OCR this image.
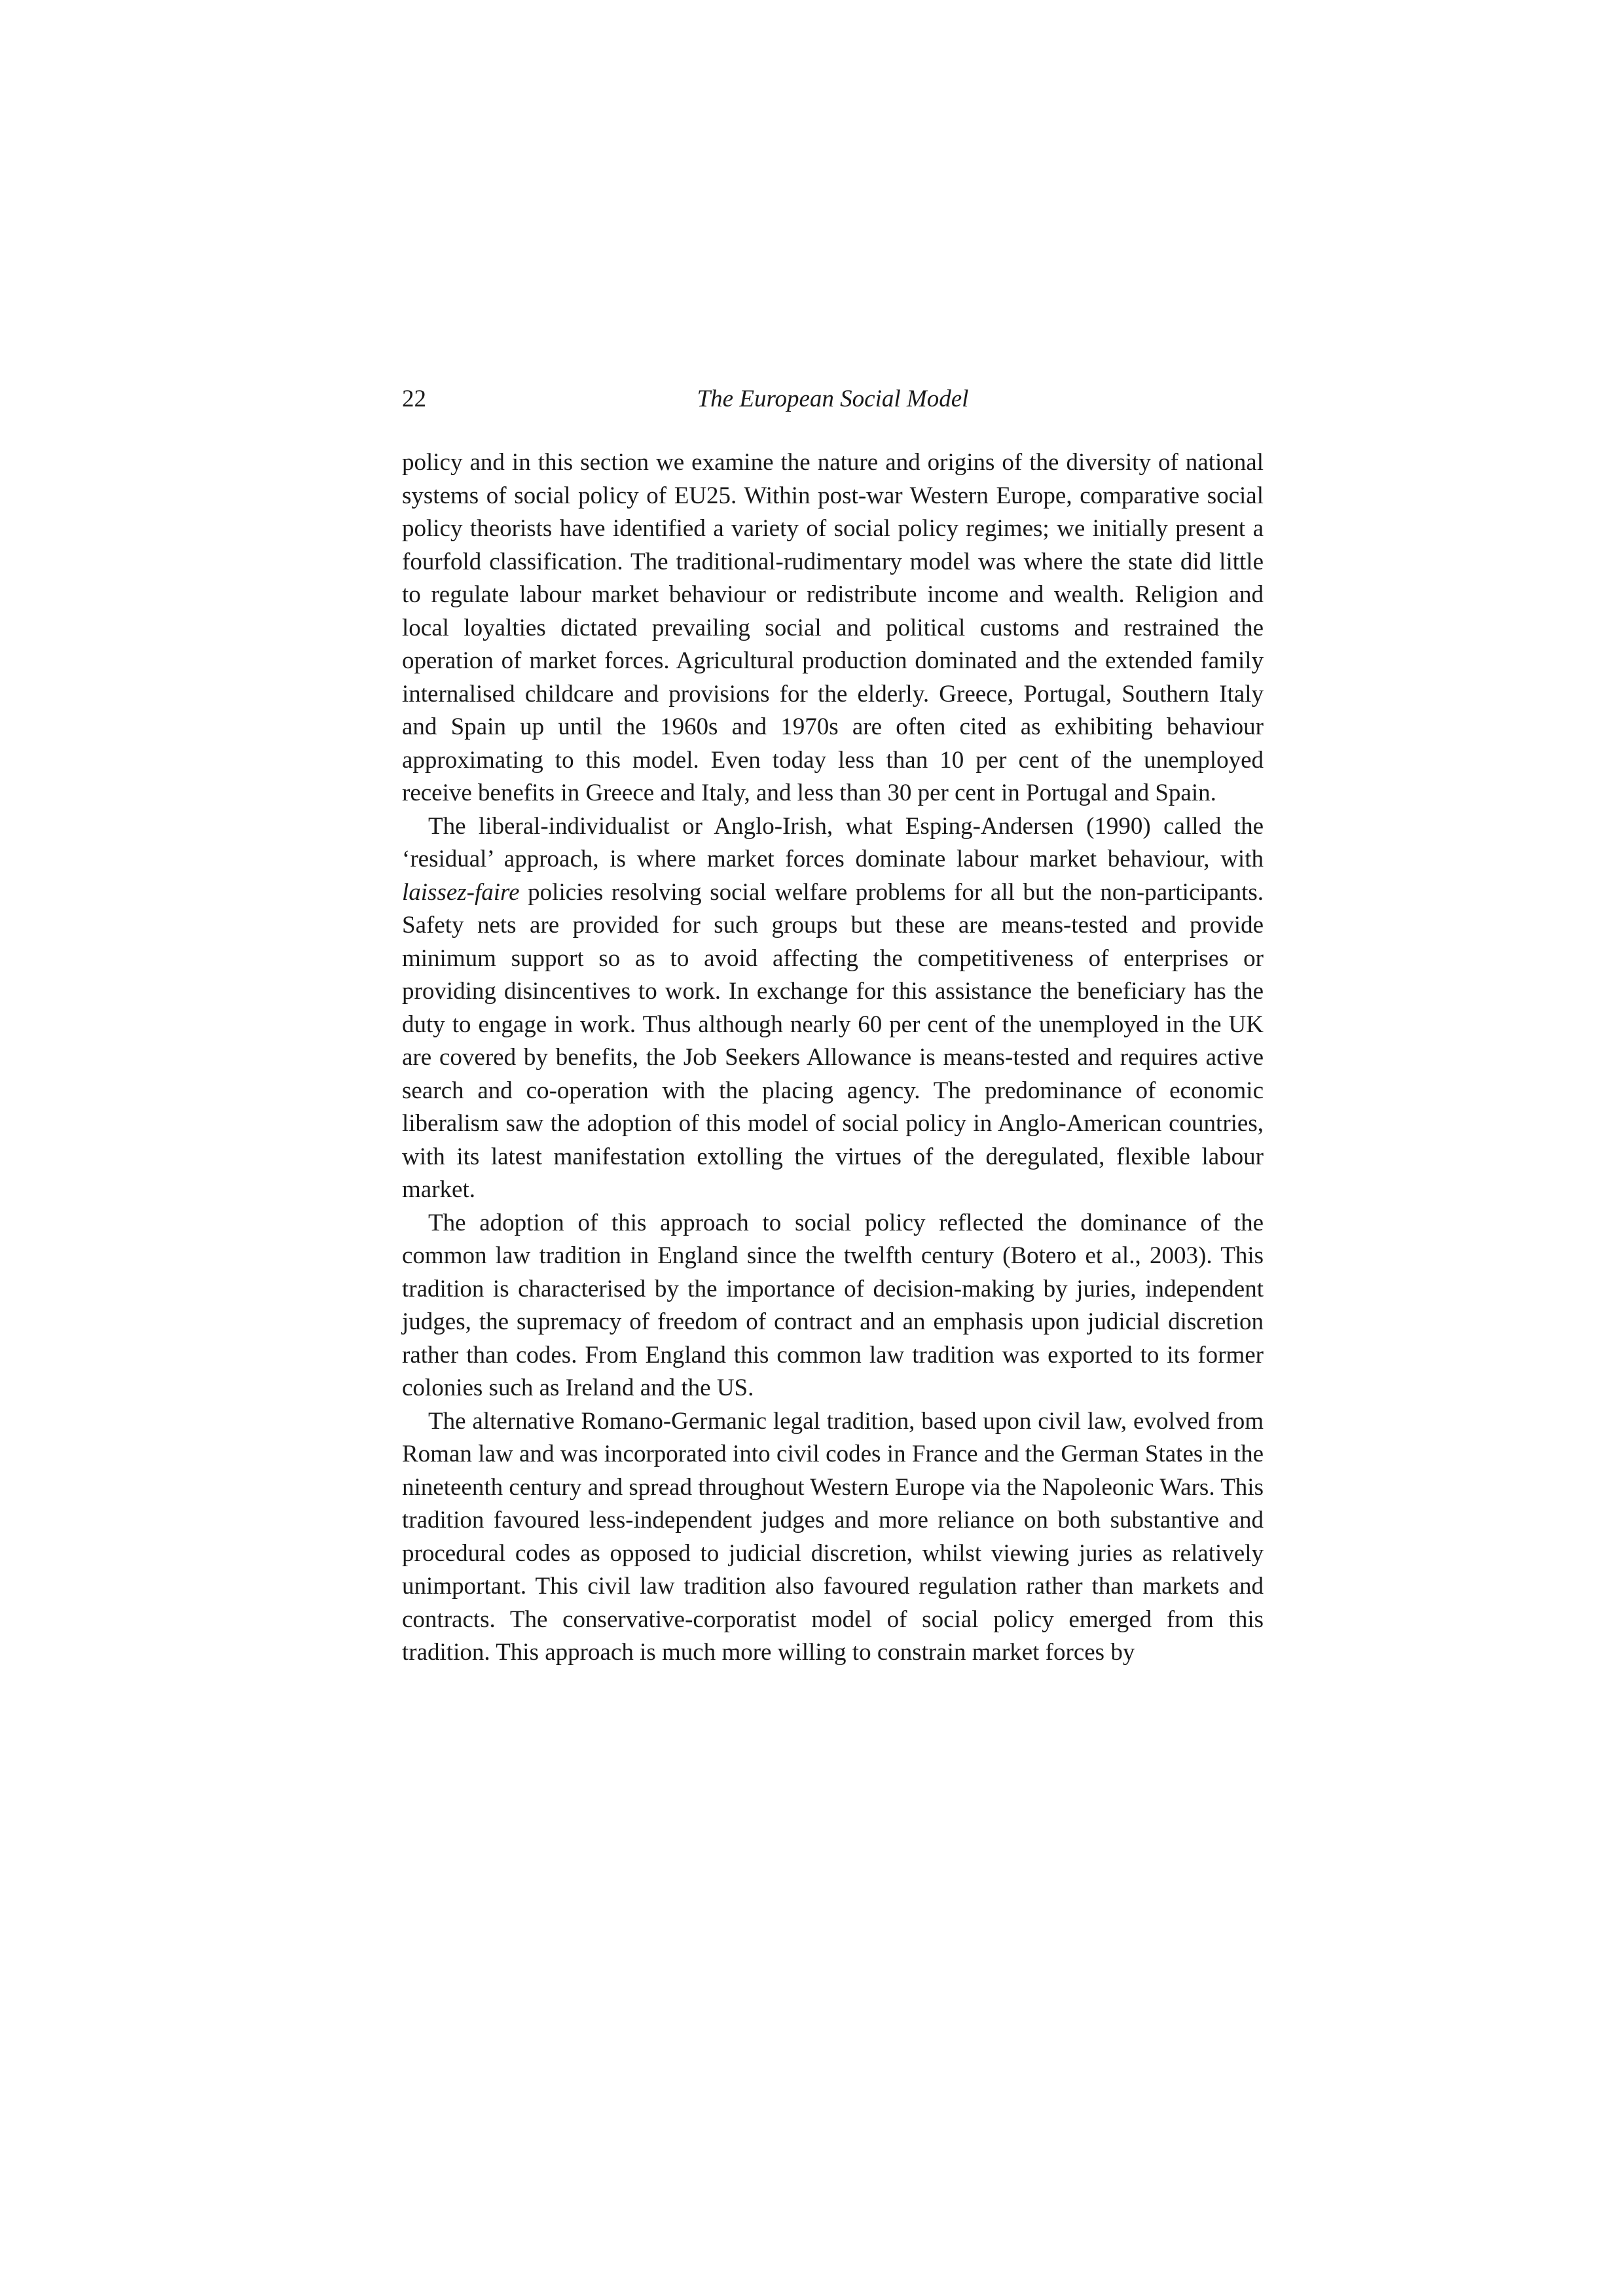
22	The European Social Model

policy and in this section we examine the nature and origins of the diversity of national systems of social policy of EU25. Within post-war Western Europe, comparative social policy theorists have identified a variety of social policy regimes; we initially present a fourfold classification. The traditional-rudimentary model was where the state did little to regulate labour market behaviour or redistribute income and wealth. Religion and local loyalties dictated prevailing social and political customs and restrained the operation of market forces. Agricultural production dominated and the extended family internalised childcare and provisions for the elderly. Greece, Portugal, Southern Italy and Spain up until the 1960s and 1970s are often cited as exhibiting behaviour approximating to this model. Even today less than 10 per cent of the unemployed receive benefits in Greece and Italy, and less than 30 per cent in Portugal and Spain.

The liberal-individualist or Anglo-Irish, what Esping-Andersen (1990) called the ‘residual’ approach, is where market forces dominate labour market behaviour, with laissez-faire policies resolving social welfare problems for all but the non-participants. Safety nets are provided for such groups but these are means-tested and provide minimum support so as to avoid affecting the competitiveness of enterprises or providing disincentives to work. In exchange for this assistance the beneficiary has the duty to engage in work. Thus although nearly 60 per cent of the unemployed in the UK are covered by benefits, the Job Seekers Allowance is means-tested and requires active search and co-operation with the placing agency. The predominance of economic liberalism saw the adoption of this model of social policy in Anglo-American countries, with its latest manifestation extolling the virtues of the deregulated, flexible labour market.

The adoption of this approach to social policy reflected the dominance of the common law tradition in England since the twelfth century (Botero et al., 2003). This tradition is characterised by the importance of decision-making by juries, independent judges, the supremacy of freedom of contract and an emphasis upon judicial discretion rather than codes. From England this common law tradition was exported to its former colonies such as Ireland and the US.

The alternative Romano-Germanic legal tradition, based upon civil law, evolved from Roman law and was incorporated into civil codes in France and the German States in the nineteenth century and spread throughout Western Europe via the Napoleonic Wars. This tradition favoured less-independent judges and more reliance on both substantive and procedural codes as opposed to judicial discretion, whilst viewing juries as relatively unimportant. This civil law tradition also favoured regulation rather than markets and contracts. The conservative-corporatist model of social policy emerged from this tradition. This approach is much more willing to constrain market forces by
